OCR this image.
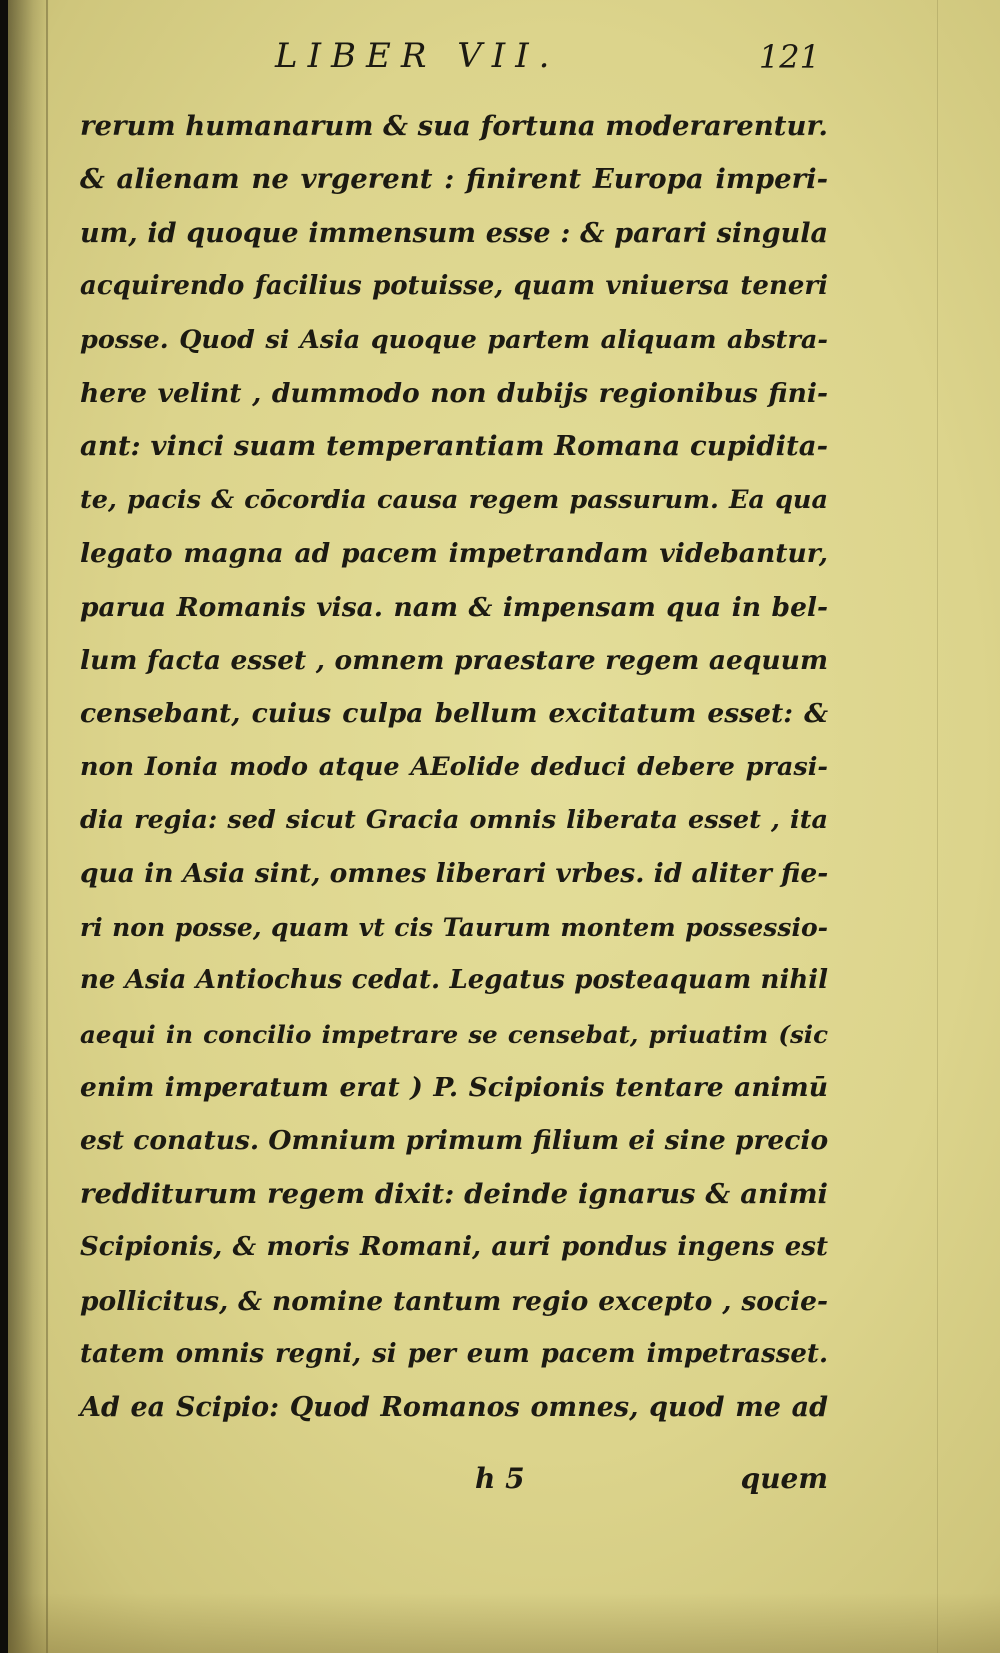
LIBER VII.	121
rerum humanarum & sua fortuna moderarentur.
& alienam ne vrgerent : finirent Europa imperi-
um, id quoque immensum esse : & parari singula
acquirendo facilius potuisse, quam vniuersa teneri
posse. Quod si Asia quoque partem aliquam abstra-
here velint , dummodo non dubijs regionibus fini-
ant: vinci suam temperantiam Romana cupidita-
te, pacis & cōcordia causa regem passurum. Ea qua
legato magna ad pacem impetrandam videbantur,
parua Romanis visa. nam & impensam qua in bel-
lum facta esset , omnem praestare regem aequum
censebant, cuius culpa bellum excitatum esset: &
non Ionia modo atque AEolide deduci debere prasi-
dia regia: sed sicut Gracia omnis liberata esset , ita
qua in Asia sint, omnes liberari vrbes. id aliter fie-
ri non posse, quam vt cis Taurum montem possessio-
ne Asia Antiochus cedat. Legatus posteaquam nihil
aequi in concilio impetrare se censebat, priuatim (sic
enim imperatum erat ) P. Scipionis tentare animū
est conatus. Omnium primum filium ei sine precio
redditurum regem dixit: deinde ignarus & animi
Scipionis, & moris Romani, auri pondus ingens est
pollicitus, & nomine tantum regio excepto , socie-
tatem omnis regni, si per eum pacem impetrasset.
Ad ea Scipio: Quod Romanos omnes, quod me ad
h 5	quem
